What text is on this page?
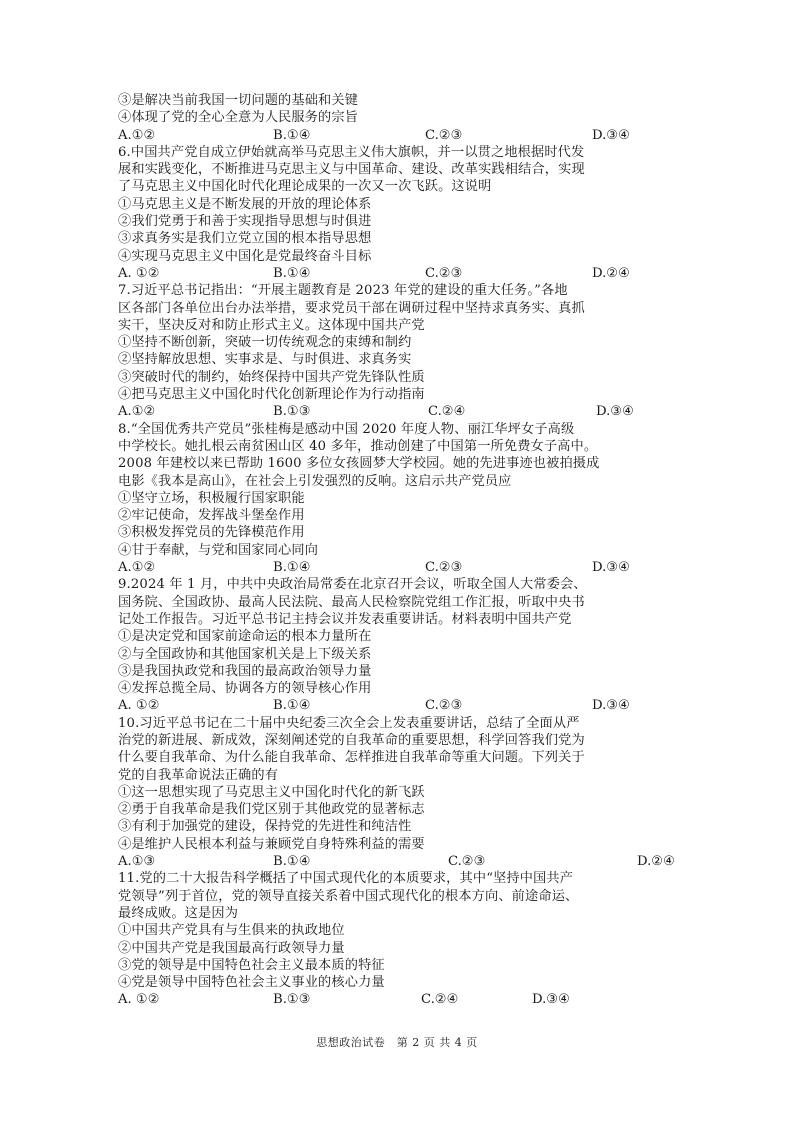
③是解决当前我国一切问题的基础和关键
④体现了党的全心全意为人民服务的宗旨
A.①②	B.①④	C.②③	D.③④
6.中国共产党自成立伊始就高举马克思主义伟大旗帜，并一以贯之地根据时代发
展和实践变化，不断推进马克思主义与中国革命、建设、改革实践相结合，实现
了马克思主义中国化时代化理论成果的一次又一次飞跃。这说明
①马克思主义是不断发展的开放的理论体系
②我们党勇于和善于实现指导思想与时俱进
③求真务实是我们立党立国的根本指导思想
④实现马克思主义中国化是党最终奋斗目标
A. ①②	B.①④	C.②③	D.②④
7.习近平总书记指出：“开展主题教育是 2023 年党的建设的重大任务。”各地
区各部门各单位出台办法举措，要求党员干部在调研过程中坚持求真务实、真抓
实干，坚决反对和防止形式主义。这体现中国共产党
①坚持不断创新，突破一切传统观念的束缚和制约
②坚持解放思想、实事求是、与时俱进、求真务实
③突破时代的制约，始终保持中国共产党先锋队性质
④把马克思主义中国化时代化创新理论作为行动指南
A.①②	B.①③	C.②④	D.③④
8.“全国优秀共产党员”张桂梅是感动中国 2020 年度人物、丽江华坪女子高级
中学校长。她扎根云南贫困山区 40 多年，推动创建了中国第一所免费女子高中。
2008 年建校以来已帮助 1600 多位女孩圆梦大学校园。她的先进事迹也被拍摄成
电影《我本是高山》，在社会上引发强烈的反响。这启示共产党员应
①坚守立场，积极履行国家职能
②牢记使命，发挥战斗堡垒作用
③积极发挥党员的先锋模范作用
④甘于奉献，与党和国家同心同向
A.①②	B.①④	C.②③	D.③④
9.2024 年 1 月，中共中央政治局常委在北京召开会议，听取全国人大常委会、
国务院、全国政协、最高人民法院、最高人民检察院党组工作汇报，听取中央书
记处工作报告。习近平总书记主持会议并发表重要讲话。材料表明中国共产党
①是决定党和国家前途命运的根本力量所在
②与全国政协和其他国家机关是上下级关系
③是我国执政党和我国的最高政治领导力量
④发挥总揽全局、协调各方的领导核心作用
A. ①②	B.①④	C.②③	D.③④
10.习近平总书记在二十届中央纪委三次全会上发表重要讲话，总结了全面从严
治党的新进展、新成效，深刻阐述党的自我革命的重要思想，科学回答我们党为
什么要自我革命、为什么能自我革命、怎样推进自我革命等重大问题。下列关于
党的自我革命说法正确的有
①这一思想实现了马克思主义中国化时代化的新飞跃
②勇于自我革命是我们党区别于其他政党的显著标志
③有利于加强党的建设，保持党的先进性和纯洁性
④是维护人民根本利益与兼顾党自身特殊利益的需要
A.①③	B.①④	C.②③	D.②④
11.党的二十大报告科学概括了中国式现代化的本质要求，其中“坚持中国共产
党领导”列于首位，党的领导直接关系着中国式现代化的根本方向、前途命运、
最终成败。这是因为
①中国共产党具有与生俱来的执政地位
②中国共产党是我国最高行政领导力量
③党的领导是中国特色社会主义最本质的特征
④党是领导中国特色社会主义事业的核心力量
A. ①②	B.①③	C.②④	D.③④
思想政治试卷　第 2 页 共 4 页
